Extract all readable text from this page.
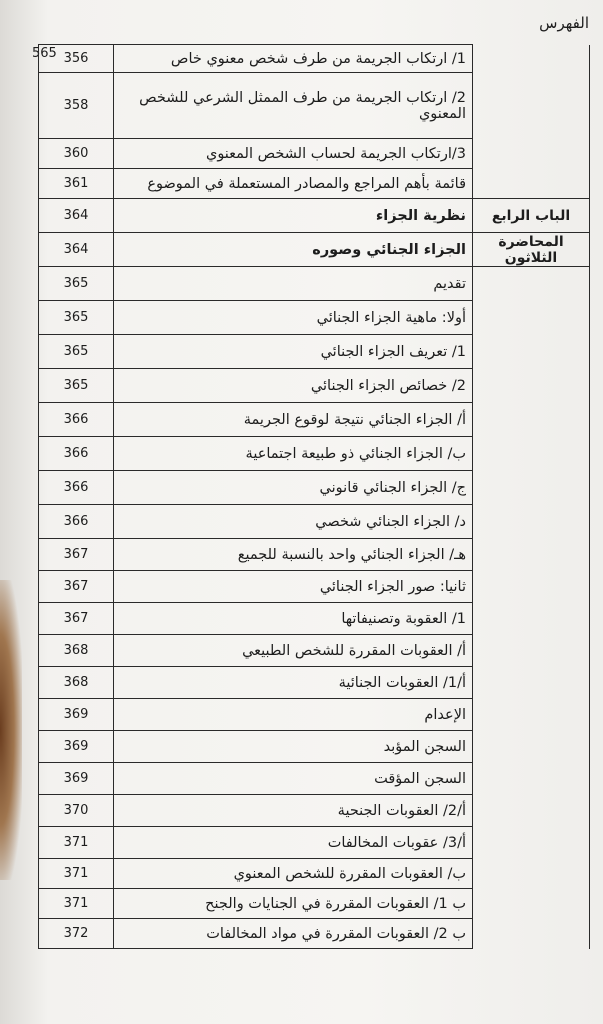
الفهرس
565
		1/ ارتكاب الجريمة من طرف شخص معنوي خاص	356
	2/ ارتكاب الجريمة من طرف الممثل الشرعي للشخص المعنوي	358
	3/ارتكاب الجريمة لحساب الشخص المعنوي	360
	قائمة بأهم المراجع والمصادر المستعملة في الموضوع	361
الباب الرابع	نظرية الجزاء	364
المحاضرة الثلاثون	الجزاء الجنائي وصوره	364
	تقديم	365
	أولا: ماهية الجزاء الجنائي	365
	1/ تعريف الجزاء الجنائي	365
	2/ خصائص الجزاء الجنائي	365
	أ/ الجزاء الجنائي نتيجة لوقوع الجريمة	366
	ب/ الجزاء الجنائي ذو طبيعة اجتماعية	366
	ج/ الجزاء الجنائي قانوني	366
	د/ الجزاء الجنائي شخصي	366
	هـ/ الجزاء الجنائي واحد بالنسبة للجميع	367
	ثانيا: صور الجزاء الجنائي	367
	1/ العقوبة وتصنيفاتها	367
	أ/ العقوبات المقررة للشخص الطبيعي	368
	أ/1/ العقوبات الجنائية	368
	الإعدام	369
	السجن المؤبد	369
	السجن المؤقت	369
	أ/2/ العقوبات الجنحية	370
	أ/3/ عقوبات المخالفات	371
	ب/ العقوبات المقررة للشخص المعنوي	371
	ب 1/ العقوبات المقررة في الجنايات والجنح	371
	ب 2/ العقوبات المقررة في مواد المخالفات	372
